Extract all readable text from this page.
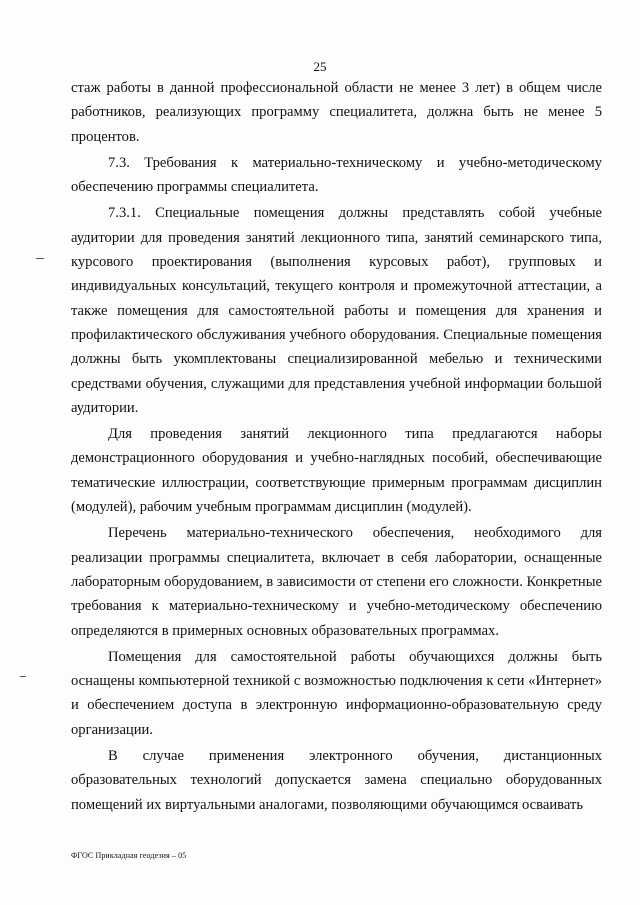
25

стаж работы в данной профессиональной области не менее 3 лет) в общем числе работников, реализующих программу специалитета, должна быть не менее 5 процентов.

7.3. Требования к материально-техническому и учебно-методическому обеспечению программы специалитета.

7.3.1. Специальные помещения должны представлять собой учебные аудитории для проведения занятий лекционного типа, занятий семинарского типа, курсового проектирования (выполнения курсовых работ), групповых и индивидуальных консультаций, текущего контроля и промежуточной аттестации, а также помещения для самостоятельной работы и помещения для хранения и профилактического обслуживания учебного оборудования. Специальные помещения должны быть укомплектованы специализированной мебелью и техническими средствами обучения, служащими для представления учебной информации большой аудитории.

Для проведения занятий лекционного типа предлагаются наборы демонстрационного оборудования и учебно-наглядных пособий, обеспечивающие тематические иллюстрации, соответствующие примерным программам дисциплин (модулей), рабочим учебным программам дисциплин (модулей).

Перечень материально-технического обеспечения, необходимого для реализации программы специалитета, включает в себя лаборатории, оснащенные лабораторным оборудованием, в зависимости от степени его сложности. Конкретные требования к материально-техническому и учебно-методическому обеспечению определяются в примерных основных образовательных программах.

Помещения для самостоятельной работы обучающихся должны быть оснащены компьютерной техникой с возможностью подключения к сети «Интернет» и обеспечением доступа в электронную информационно-образовательную среду организации.

В случае применения электронного обучения, дистанционных образовательных технологий допускается замена специально оборудованных помещений их виртуальными аналогами, позволяющими обучающимся осваивать

ФГОС Прикладная геодезия – 05
